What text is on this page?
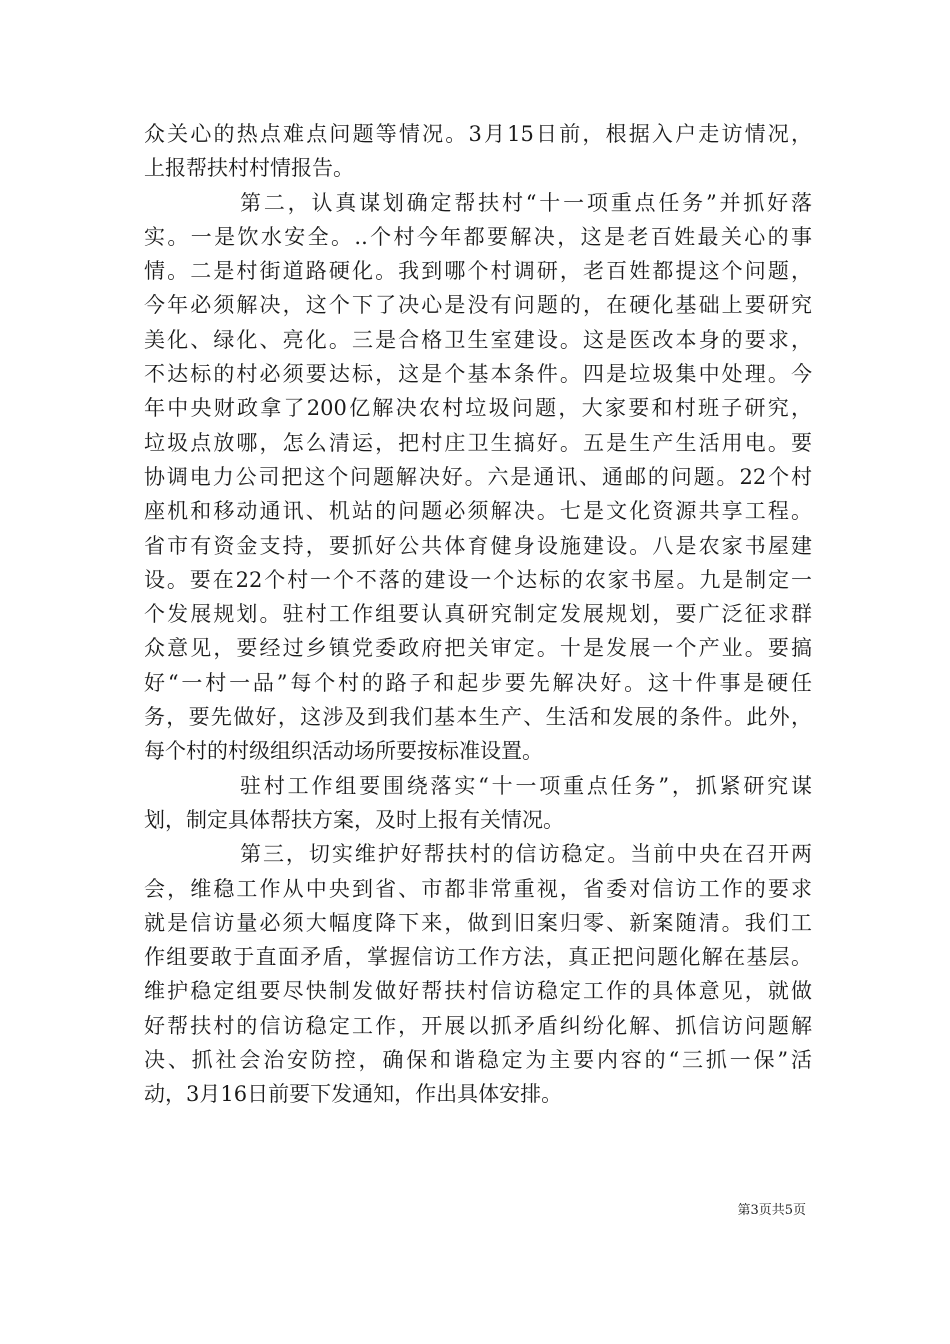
众关心的热点难点问题等情况。3月15日前，根据入户走访情况，
上报帮扶村村情报告。
第二，认真谋划确定帮扶村“十一项重点任务”并抓好落
实。一是饮水安全。..个村今年都要解决，这是老百姓最关心的事
情。二是村街道路硬化。我到哪个村调研，老百姓都提这个问题，
今年必须解决，这个下了决心是没有问题的，在硬化基础上要研究
美化、绿化、亮化。三是合格卫生室建设。这是医改本身的要求，
不达标的村必须要达标，这是个基本条件。四是垃圾集中处理。今
年中央财政拿了200亿解决农村垃圾问题，大家要和村班子研究，
垃圾点放哪，怎么清运，把村庄卫生搞好。五是生产生活用电。要
协调电力公司把这个问题解决好。六是通讯、通邮的问题。22个村
座机和移动通讯、机站的问题必须解决。七是文化资源共享工程。
省市有资金支持，要抓好公共体育健身设施建设。八是农家书屋建
设。要在22个村一个不落的建设一个达标的农家书屋。九是制定一
个发展规划。驻村工作组要认真研究制定发展规划，要广泛征求群
众意见，要经过乡镇党委政府把关审定。十是发展一个产业。要搞
好“一村一品”每个村的路子和起步要先解决好。这十件事是硬任
务，要先做好，这涉及到我们基本生产、生活和发展的条件。此外，
每个村的村级组织活动场所要按标准设置。
驻村工作组要围绕落实“十一项重点任务”，抓紧研究谋
划，制定具体帮扶方案，及时上报有关情况。
第三，切实维护好帮扶村的信访稳定。当前中央在召开两
会，维稳工作从中央到省、市都非常重视，省委对信访工作的要求
就是信访量必须大幅度降下来，做到旧案归零、新案随清。我们工
作组要敢于直面矛盾，掌握信访工作方法，真正把问题化解在基层。
维护稳定组要尽快制发做好帮扶村信访稳定工作的具体意见，就做
好帮扶村的信访稳定工作，开展以抓矛盾纠纷化解、抓信访问题解
决、抓社会治安防控，确保和谐稳定为主要内容的“三抓一保”活
动，3月16日前要下发通知，作出具体安排。
第3页共5页
